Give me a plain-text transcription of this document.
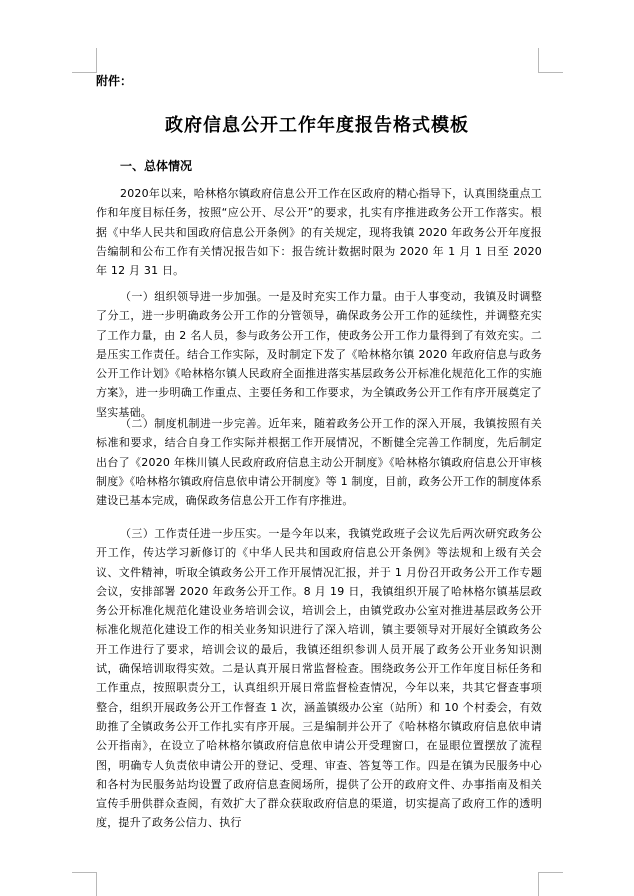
附件：
政府信息公开工作年度报告格式模板
一、总体情况

2020年以来，哈林格尔镇政府信息公开工作在区政府的精心指导下，认真围绕重点工作和年度目标任务，按照“应公开、尽公开”的要求，扎实有序推进政务公开工作落实。根据《中华人民共和国政府信息公开条例》的有关规定，现将我镇 2020 年政务公开年度报告编制和公布工作有关情况报告如下：报告统计数据时限为 2020 年 1 月 1 日至 2020 年 12 月 31 日。

（一）组织领导进一步加强。一是及时充实工作力量。由于人事变动，我镇及时调整了分工，进一步明确政务公开工作的分管领导，确保政务公开工作的延续性，并调整充实了工作力量，由 2 名人员，参与政务公开工作，使政务公开工作力量得到了有效充实。二是压实工作责任。结合工作实际，及时制定下发了《哈林格尔镇 2020 年政府信息与政务公开工作计划》《哈林格尔镇人民政府全面推进落实基层政务公开标准化规范化工作的实施方案》，进一步明确工作重点、主要任务和工作要求，为全镇政务公开工作有序开展奠定了坚实基础。

（二）制度机制进一步完善。近年来，随着政务公开工作的深入开展，我镇按照有关标准和要求，结合自身工作实际并根据工作开展情况，不断健全完善工作制度，先后制定出台了《2020 年株川镇人民政府政府信息主动公开制度》《哈林格尔镇政府信息公开审核制度》《哈林格尔镇政府信息依申请公开制度》等 1 制度，目前，政务公开工作的制度体系建设已基本完成，确保政务信息公开工作有序推进。

（三）工作责任进一步压实。一是今年以来，我镇党政班子会议先后两次研究政务公开工作，传达学习新修订的《中华人民共和国政府信息公开条例》等法规和上级有关会议、文件精神，听取全镇政务公开工作开展情况汇报，并于 1 月份召开政务公开工作专题会议，安排部署 2020 年政务公开工作。8 月 19 日，我镇组织开展了哈林格尔镇基层政务公开标准化规范化建设业务培训会议，培训会上，由镇党政办公室对推进基层政务公开标准化规范化建设工作的相关业务知识进行了深入培训，镇主要领导对开展好全镇政务公开工作进行了要求，培训会议的最后，我镇还组织参训人员开展了政务公开业务知识测试，确保培训取得实效。二是认真开展日常监督检查。围绕政务公开工作年度目标任务和工作重点，按照职责分工，认真组织开展日常监督检查情况，今年以来，共其它督查事项整合，组织开展政务公开工作督查 1 次，涵盖镇级办公室（站所）和 10 个村委会，有效助推了全镇政务公开工作扎实有序开展。三是编制并公开了《哈林格尔镇政府信息依申请公开指南》，在设立了哈林格尔镇政府信息依申请公开受理窗口，在显眼位置摆放了流程图，明确专人负责依申请公开的登记、受理、审查、答复等工作。四是在镇为民服务中心和各村为民服务站均设置了政府信息查阅场所，提供了公开的政府文件、办事指南及相关宣传手册供群众查阅，有效扩大了群众获取政府信息的渠道，切实提高了政府工作的透明度，提升了政务公信力、执行
